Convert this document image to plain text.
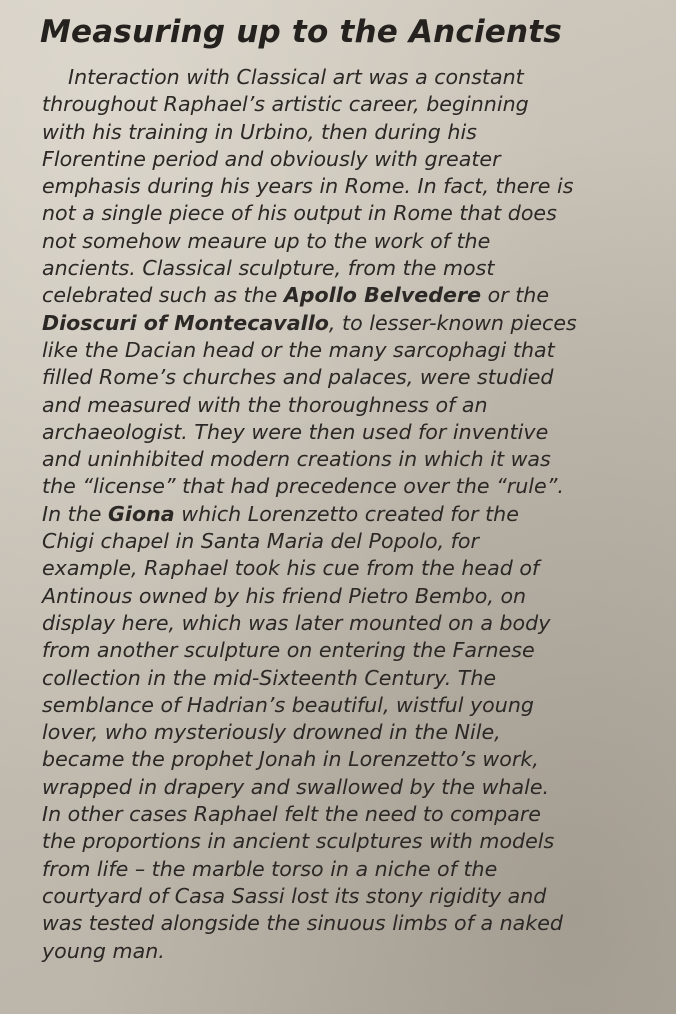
Measuring up to the Ancients

Interaction with Classical art was a constant
throughout Raphael’s artistic career, beginning
with his training in Urbino, then during his
Florentine period and obviously with greater
emphasis during his years in Rome. In fact, there is
not a single piece of his output in Rome that does
not somehow meaure up to the work of the
ancients. Classical sculpture, from the most
celebrated such as the Apollo Belvedere or the
Dioscuri of Montecavallo, to lesser-known pieces
like the Dacian head or the many sarcophagi that
filled Rome’s churches and palaces, were studied
and measured with the thoroughness of an
archaeologist. They were then used for inventive
and uninhibited modern creations in which it was
the “license” that had precedence over the “rule”.
In the Giona which Lorenzetto created for the
Chigi chapel in Santa Maria del Popolo, for
example, Raphael took his cue from the head of
Antinous owned by his friend Pietro Bembo, on
display here, which was later mounted on a body
from another sculpture on entering the Farnese
collection in the mid-Sixteenth Century. The
semblance of Hadrian’s beautiful, wistful young
lover, who mysteriously drowned in the Nile,
became the prophet Jonah in Lorenzetto’s work,
wrapped in drapery and swallowed by the whale.
In other cases Raphael felt the need to compare
the proportions in ancient sculptures with models
from life – the marble torso in a niche of the
courtyard of Casa Sassi lost its stony rigidity and
was tested alongside the sinuous limbs of a naked
young man.
